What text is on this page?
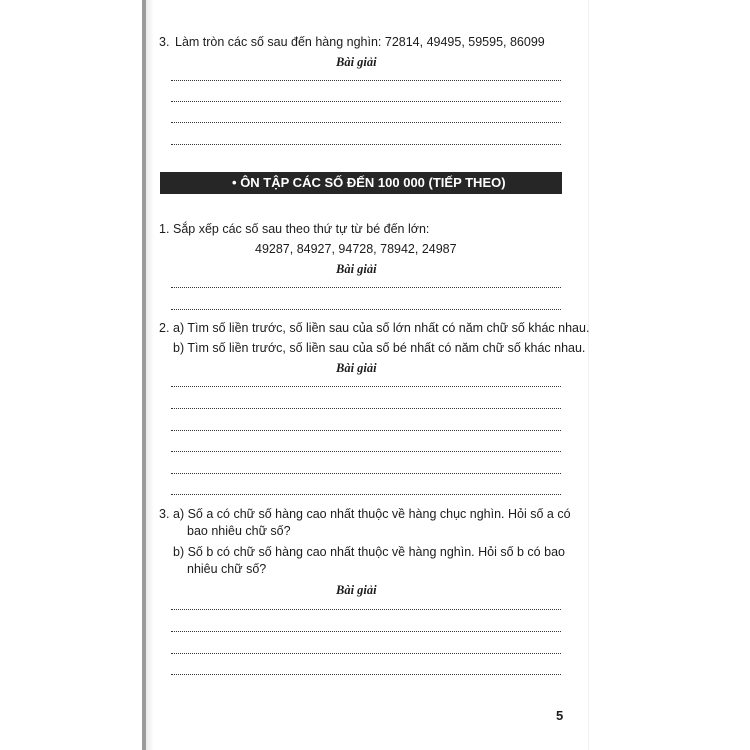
3. Làm tròn các số sau đến hàng nghìn: 72814, 49495, 59595, 86099
Bài giải
• ÔN TẬP CÁC SỐ ĐẾN 100 000 (TIẾP THEO)
1. Sắp xếp các số sau theo thứ tự từ bé đến lớn:
49287, 84927, 94728, 78942, 24987
Bài giải
2. a) Tìm số liền trước, số liền sau của số lớn nhất có năm chữ số khác nhau.
b) Tìm số liền trước, số liền sau của số bé nhất có năm chữ số khác nhau.
Bài giải
3. a) Số a có chữ số hàng cao nhất thuộc về hàng chục nghìn. Hỏi số a có
bao nhiêu chữ số?
b) Số b có chữ số hàng cao nhất thuộc về hàng nghìn. Hỏi số b có bao
nhiêu chữ số?
Bài giải
5
